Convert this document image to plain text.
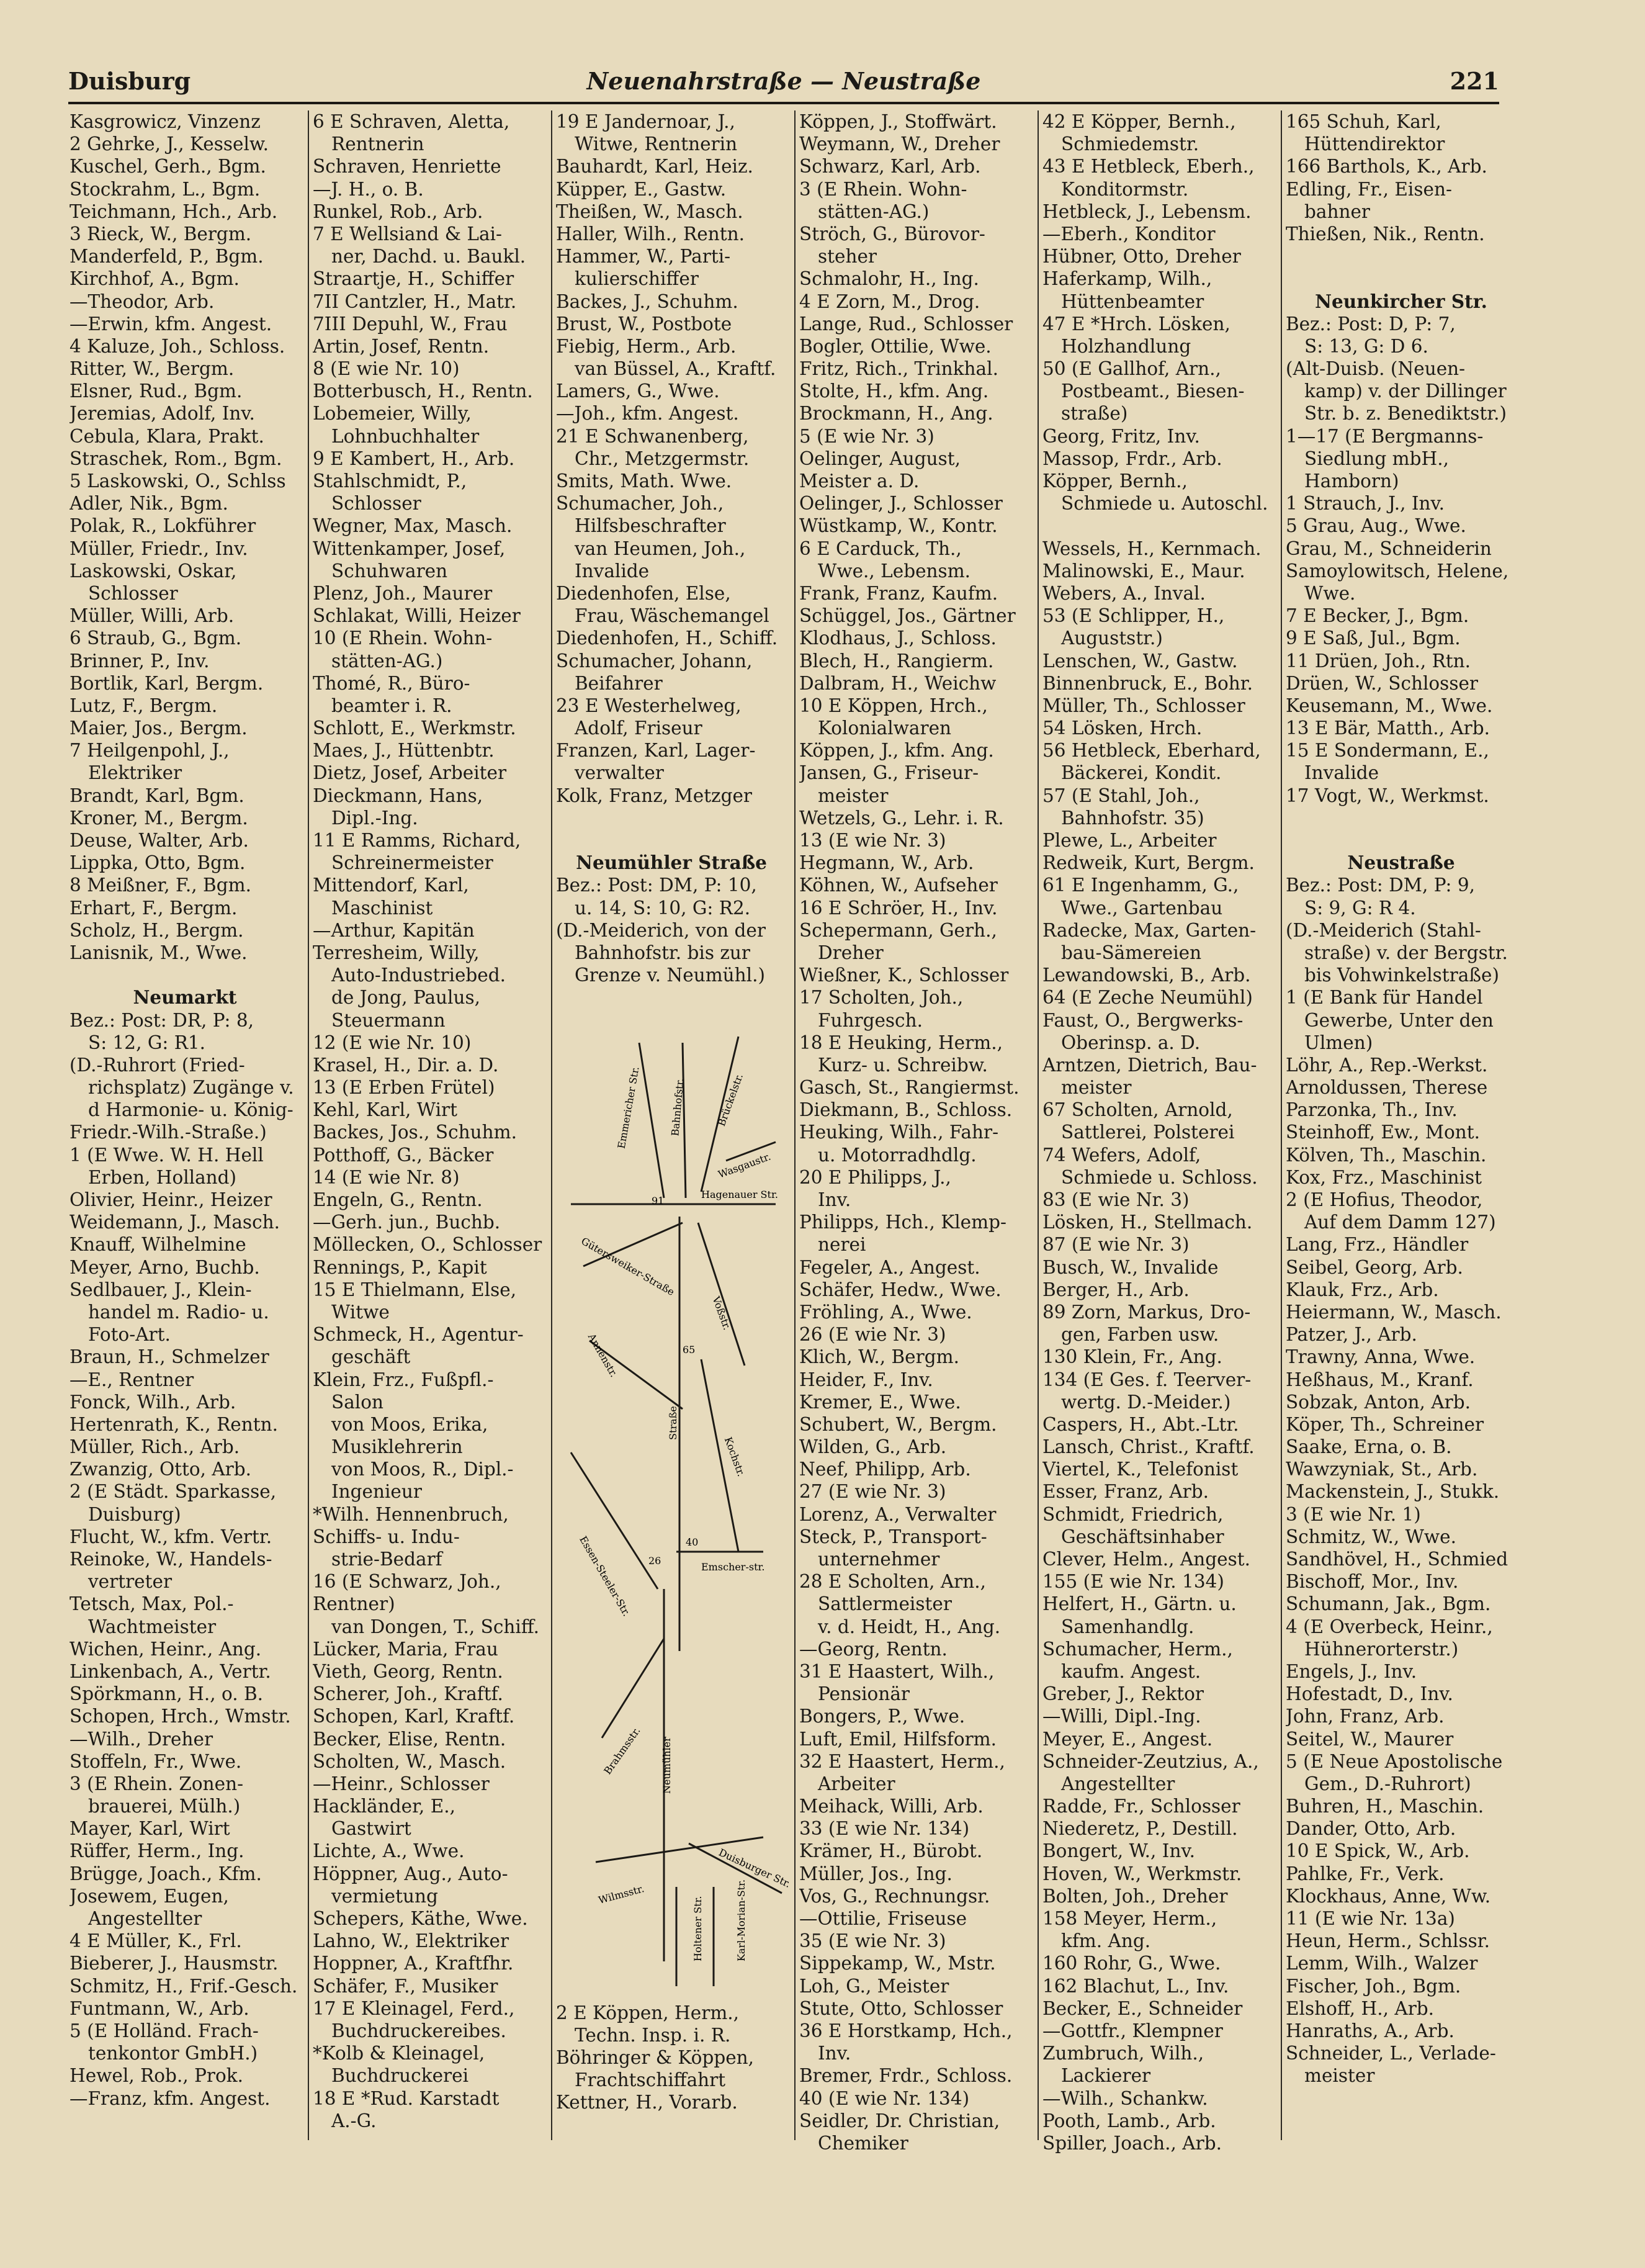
Duisburg	Neuenahrstraße — Neustraße	221
Kasgrowicz, Vinzenz
2 Gehrke, J., Kesselw.
Kuschel, Gerh., Bgm.
Stockrahm, L., Bgm.
Teichmann, Hch., Arb.
3 Rieck, W., Bergm.
Manderfeld, P., Bgm.
Kirchhof, A., Bgm.
—Theodor, Arb.
—Erwin, kfm. Angest.
4 Kaluze, Joh., Schloss.
Ritter, W., Bergm.
Elsner, Rud., Bgm.
Jeremias, Adolf, Inv.
Cebula, Klara, Prakt.
Straschek, Rom., Bgm.
5 Laskowski, O., Schlss
Adler, Nik., Bgm.
Polak, R., Lokführer
Müller, Friedr., Inv.
Laskowski, Oskar,
Schlosser
Müller, Willi, Arb.
6 Straub, G., Bgm.
Brinner, P., Inv.
Bortlik, Karl, Bergm.
Lutz, F., Bergm.
Maier, Jos., Bergm.
7 Heilgenpohl, J.,
Elektriker
Brandt, Karl, Bgm.
Kroner, M., Bergm.
Deuse, Walter, Arb.
Lippka, Otto, Bgm.
8 Meißner, F., Bgm.
Erhart, F., Bergm.
Scholz, H., Bergm.
Lanisnik, M., Wwe.
Neumarkt
Bez.: Post: DR, P: 8,
S: 12, G: R1.
(D.-Ruhrort (Fried-
richsplatz) Zugänge v.
d Harmonie- u. König-
Friedr.-Wilh.-Straße.)
1 (E Wwe. W. H. Hell
Erben, Holland)
Olivier, Heinr., Heizer
Weidemann, J., Masch.
Knauff, Wilhelmine
Meyer, Arno, Buchb.
Sedlbauer, J., Klein-
handel m. Radio- u.
Foto-Art.
Braun, H., Schmelzer
—E., Rentner
Fonck, Wilh., Arb.
Hertenrath, K., Rentn.
Müller, Rich., Arb.
Zwanzig, Otto, Arb.
2 (E Städt. Sparkasse,
Duisburg)
Flucht, W., kfm. Vertr.
Reinoke, W., Handels-
vertreter
Tetsch, Max, Pol.-
Wachtmeister
Wichen, Heinr., Ang.
Linkenbach, A., Vertr.
Spörkmann, H., o. B.
Schopen, Hrch., Wmstr.
—Wilh., Dreher
Stoffeln, Fr., Wwe.
3 (E Rhein. Zonen-
brauerei, Mülh.)
Mayer, Karl, Wirt
Rüffer, Herm., Ing.
Brügge, Joach., Kfm.
Josewem, Eugen,
Angestellter
4 E Müller, K., Frl.
Bieberer, J., Hausmstr.
Schmitz, H., Frif.-Gesch.
Funtmann, W., Arb.
5 (E Holländ. Frach-
tenkontor GmbH.)
Hewel, Rob., Prok.
—Franz, kfm. Angest.
6 E Schraven, Aletta,
Rentnerin
Schraven, Henriette
—J. H., o. B.
Runkel, Rob., Arb.
7 E Wellsiand & Lai-
ner, Dachd. u. Baukl.
Straartje, H., Schiffer
7II Cantzler, H., Matr.
7III Depuhl, W., Frau
Artin, Josef, Rentn.
8 (E wie Nr. 10)
Botterbusch, H., Rentn.
Lobemeier, Willy,
Lohnbuchhalter
9 E Kambert, H., Arb.
Stahlschmidt, P.,
Schlosser
Wegner, Max, Masch.
Wittenkamper, Josef,
Schuhwaren
Plenz, Joh., Maurer
Schlakat, Willi, Heizer
10 (E Rhein. Wohn-
stätten-AG.)
Thomé, R., Büro-
beamter i. R.
Schlott, E., Werkmstr.
Maes, J., Hüttenbtr.
Dietz, Josef, Arbeiter
Dieckmann, Hans,
Dipl.-Ing.
11 E Ramms, Richard,
Schreinermeister
Mittendorf, Karl,
Maschinist
—Arthur, Kapitän
Terresheim, Willy,
Auto-Industriebed.
de Jong, Paulus,
Steuermann
12 (E wie Nr. 10)
Krasel, H., Dir. a. D.
13 (E Erben Frütel)
Kehl, Karl, Wirt
Backes, Jos., Schuhm.
Potthoff, G., Bäcker
14 (E wie Nr. 8)
Engeln, G., Rentn.
—Gerh. jun., Buchb.
Möllecken, O., Schlosser
Rennings, P., Kapit
15 E Thielmann, Else,
Witwe
Schmeck, H., Agentur-
geschäft
Klein, Frz., Fußpfl.-
Salon
von Moos, Erika,
Musiklehrerin
von Moos, R., Dipl.-
Ingenieur
*Wilh. Hennenbruch,
Schiffs- u. Indu-
strie-Bedarf
16 (E Schwarz, Joh.,
Rentner)
van Dongen, T., Schiff.
Lücker, Maria, Frau
Vieth, Georg, Rentn.
Scherer, Joh., Kraftf.
Schopen, Karl, Kraftf.
Becker, Elise, Rentn.
Scholten, W., Masch.
—Heinr., Schlosser
Hackländer, E.,
Gastwirt
Lichte, A., Wwe.
Höppner, Aug., Auto-
vermietung
Schepers, Käthe, Wwe.
Lahno, W., Elektriker
Hoppner, A., Kraftfhr.
Schäfer, F., Musiker
17 E Kleinagel, Ferd.,
Buchdruckereibes.
*Kolb & Kleinagel,
Buchdruckerei
18 E *Rud. Karstadt
A.-G.
19 E Jandernoar, J.,
Witwe, Rentnerin
Bauhardt, Karl, Heiz.
Küpper, E., Gastw.
Theißen, W., Masch.
Haller, Wilh., Rentn.
Hammer, W., Parti-
kulierschiffer
Backes, J., Schuhm.
Brust, W., Postbote
Fiebig, Herm., Arb.
van Büssel, A., Kraftf.
Lamers, G., Wwe.
—Joh., kfm. Angest.
21 E Schwanenberg,
Chr., Metzgermstr.
Smits, Math. Wwe.
Schumacher, Joh.,
Hilfsbeschrafter
van Heumen, Joh.,
Invalide
Diedenhofen, Else,
Frau, Wäschemangel
Diedenhofen, H., Schiff.
Schumacher, Johann,
Beifahrer
23 E Westerhelweg,
Adolf, Friseur
Franzen, Karl, Lager-
verwalter
Kolk, Franz, Metzger
Neumühler Straße
Bez.: Post: DM, P: 10,
u. 14, S: 10, G: R2.
(D.-Meiderich, von der
Bahnhofstr. bis zur
Grenze v. Neumühl.)
2 E Köppen, Herm.,
Techn. Insp. i. R.
Böhringer & Köppen,
Frachtschiffahrt
Kettner, H., Vorarb.
Köppen, J., Stoffwärt.
Weymann, W., Dreher
Schwarz, Karl, Arb.
3 (E Rhein. Wohn-
stätten-AG.)
Ströch, G., Bürovor-
steher
Schmalohr, H., Ing.
4 E Zorn, M., Drog.
Lange, Rud., Schlosser
Bogler, Ottilie, Wwe.
Fritz, Rich., Trinkhal.
Stolte, H., kfm. Ang.
Brockmann, H., Ang.
5 (E wie Nr. 3)
Oelinger, August,
Meister a. D.
Oelinger, J., Schlosser
Wüstkamp, W., Kontr.
6 E Carduck, Th.,
Wwe., Lebensm.
Frank, Franz, Kaufm.
Schüggel, Jos., Gärtner
Klodhaus, J., Schloss.
Blech, H., Rangierm.
Dalbram, H., Weichw
10 E Köppen, Hrch.,
Kolonialwaren
Köppen, J., kfm. Ang.
Jansen, G., Friseur-
meister
Wetzels, G., Lehr. i. R.
13 (E wie Nr. 3)
Hegmann, W., Arb.
Köhnen, W., Aufseher
16 E Schröer, H., Inv.
Schepermann, Gerh.,
Dreher
Wießner, K., Schlosser
17 Scholten, Joh.,
Fuhrgesch.
18 E Heuking, Herm.,
Kurz- u. Schreibw.
Gasch, St., Rangiermst.
Diekmann, B., Schloss.
Heuking, Wilh., Fahr-
u. Motorradhdlg.
20 E Philipps, J.,
Inv.
Philipps, Hch., Klemp-
nerei
Fegeler, A., Angest.
Schäfer, Hedw., Wwe.
Fröhling, A., Wwe.
26 (E wie Nr. 3)
Klich, W., Bergm.
Heider, F., Inv.
Kremer, E., Wwe.
Schubert, W., Bergm.
Wilden, G., Arb.
Neef, Philipp, Arb.
27 (E wie Nr. 3)
Lorenz, A., Verwalter
Steck, P., Transport-
unternehmer
28 E Scholten, Arn.,
Sattlermeister
v. d. Heidt, H., Ang.
—Georg, Rentn.
31 E Haastert, Wilh.,
Pensionär
Bongers, P., Wwe.
Luft, Emil, Hilfsform.
32 E Haastert, Herm.,
Arbeiter
Meihack, Willi, Arb.
33 (E wie Nr. 134)
Krämer, H., Bürobt.
Müller, Jos., Ing.
Vos, G., Rechnungsr.
—Ottilie, Friseuse
35 (E wie Nr. 3)
Sippekamp, W., Mstr.
Loh, G., Meister
Stute, Otto, Schlosser
36 E Horstkamp, Hch.,
Inv.
Bremer, Frdr., Schloss.
40 (E wie Nr. 134)
Seidler, Dr. Christian,
Chemiker
42 E Köpper, Bernh.,
Schmiedemstr.
43 E Hetbleck, Eberh.,
Konditormstr.
Hetbleck, J., Lebensm.
—Eberh., Konditor
Hübner, Otto, Dreher
Haferkamp, Wilh.,
Hüttenbeamter
47 E *Hrch. Lösken,
Holzhandlung
50 (E Gallhof, Arn.,
Postbeamt., Biesen-
straße)
Georg, Fritz, Inv.
Massop, Frdr., Arb.
Köpper, Bernh.,
Schmiede u. Autoschl.
Wessels, H., Kernmach.
Malinowski, E., Maur.
Webers, A., Inval.
53 (E Schlipper, H.,
Auguststr.)
Lenschen, W., Gastw.
Binnenbruck, E., Bohr.
Müller, Th., Schlosser
54 Lösken, Hrch.
56 Hetbleck, Eberhard,
Bäckerei, Kondit.
57 (E Stahl, Joh.,
Bahnhofstr. 35)
Plewe, L., Arbeiter
Redweik, Kurt, Bergm.
61 E Ingenhamm, G.,
Wwe., Gartenbau
Radecke, Max, Garten-
bau-Sämereien
Lewandowski, B., Arb.
64 (E Zeche Neumühl)
Faust, O., Bergwerks-
Oberinsp. a. D.
Arntzen, Dietrich, Bau-
meister
67 Scholten, Arnold,
Sattlerei, Polsterei
74 Wefers, Adolf,
Schmiede u. Schloss.
83 (E wie Nr. 3)
Lösken, H., Stellmach.
87 (E wie Nr. 3)
Busch, W., Invalide
Berger, H., Arb.
89 Zorn, Markus, Dro-
gen, Farben usw.
130 Klein, Fr., Ang.
134 (E Ges. f. Teerver-
wertg. D.-Meider.)
Caspers, H., Abt.-Ltr.
Lansch, Christ., Kraftf.
Viertel, K., Telefonist
Esser, Franz, Arb.
Schmidt, Friedrich,
Geschäftsinhaber
Clever, Helm., Angest.
155 (E wie Nr. 134)
Helfert, H., Gärtn. u.
Samenhandlg.
Schumacher, Herm.,
kaufm. Angest.
Greber, J., Rektor
—Willi, Dipl.-Ing.
Meyer, E., Angest.
Schneider-Zeutzius, A.,
Angestellter
Radde, Fr., Schlosser
Niederetz, P., Destill.
Bongert, W., Inv.
Hoven, W., Werkmstr.
Bolten, Joh., Dreher
158 Meyer, Herm.,
kfm. Ang.
160 Rohr, G., Wwe.
162 Blachut, L., Inv.
Becker, E., Schneider
—Gottfr., Klempner
Zumbruch, Wilh.,
Lackierer
—Wilh., Schankw.
Pooth, Lamb., Arb.
Spiller, Joach., Arb.
165 Schuh, Karl,
Hüttendirektor
166 Barthols, K., Arb.
Edling, Fr., Eisen-
bahner
Thießen, Nik., Rentn.
Neunkircher Str.
Bez.: Post: D, P: 7,
S: 13, G: D 6.
(Alt-Duisb. (Neuen-
kamp) v. der Dillinger
Str. b. z. Benediktstr.)
1—17 (E Bergmanns-
Siedlung mbH.,
Hamborn)
1 Strauch, J., Inv.
5 Grau, Aug., Wwe.
Grau, M., Schneiderin
Samoylowitsch, Helene,
Wwe.
7 E Becker, J., Bgm.
9 E Saß, Jul., Bgm.
11 Drüen, Joh., Rtn.
Drüen, W., Schlosser
Keusemann, M., Wwe.
13 E Bär, Matth., Arb.
15 E Sondermann, E.,
Invalide
17 Vogt, W., Werkmst.
Neustraße
Bez.: Post: DM, P: 9,
S: 9, G: R 4.
(D.-Meiderich (Stahl-
straße) v. der Bergstr.
bis Vohwinkelstraße)
1 (E Bank für Handel
Gewerbe, Unter den
Ulmen)
Löhr, A., Rep.-Werkst.
Arnoldussen, Therese
Parzonka, Th., Inv.
Steinhoff, Ew., Mont.
Kölven, Th., Maschin.
Kox, Frz., Maschinist
2 (E Hofius, Theodor,
Auf dem Damm 127)
Lang, Frz., Händler
Seibel, Georg, Arb.
Klauk, Frz., Arb.
Heiermann, W., Masch.
Patzer, J., Arb.
Trawny, Anna, Wwe.
Heßhaus, M., Kranf.
Sobzak, Anton, Arb.
Köper, Th., Schreiner
Saake, Erna, o. B.
Wawzyniak, St., Arb.
Mackenstein, J., Stukk.
3 (E wie Nr. 1)
Schmitz, W., Wwe.
Sandhövel, H., Schmied
Bischoff, Mor., Inv.
Schumann, Jak., Bgm.
4 (E Overbeck, Heinr.,
Hühnerorterstr.)
Engels, J., Inv.
Hofestadt, D., Inv.
John, Franz, Arb.
Seitel, W., Maurer
5 (E Neue Apostolische
Gem., D.-Ruhrort)
Buhren, H., Maschin.
Dander, Otto, Arb.
10 E Spick, W., Arb.
Pahlke, Fr., Verk.
Klockhaus, Anne, Ww.
11 (E wie Nr. 13a)
Heun, Herm., Schlssr.
Lemm, Wilh., Walzer
Fischer, Joh., Bgm.
Elshoff, H., Arb.
Hanraths, A., Arb.
Schneider, L., Verlade-
meister
Emmericher Str.	Bahnhofstr.	Brückelstr.
Wasgaustr.
Hagenauer Str.
Gütersweiker-Straße
Voßstr.
Annenstr.
Straße
Kochstr.
Essen-Steeler-Str.	Emscher-str.
Brahmsstr. Neumühler
Wilmsstr.
Duisburger Str.
Holtener Str.	Karl-Morian-Str.
91
65
40
26
